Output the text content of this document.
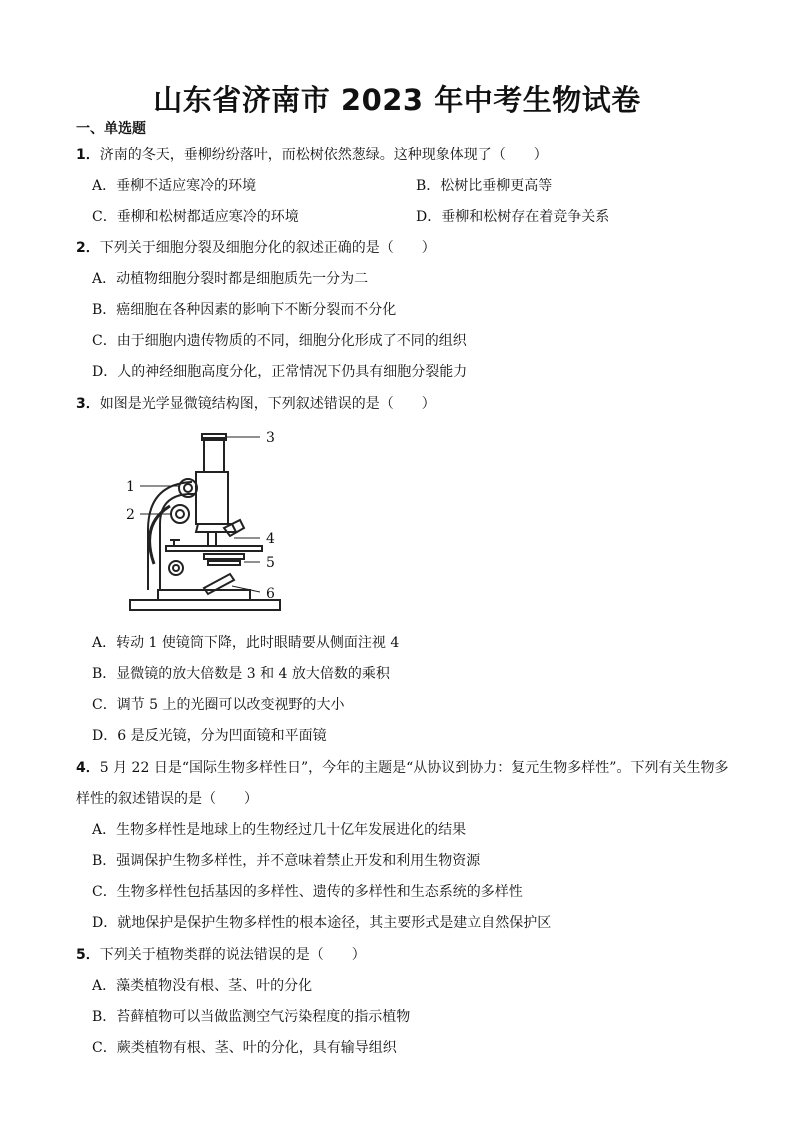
山东省济南市 2023 年中考生物试卷
一、单选题
1．济南的冬天，垂柳纷纷落叶，而松树依然葱绿。这种现象体现了（　　）
A．垂柳不适应寒冷的环境	B．松树比垂柳更高等
C．垂柳和松树都适应寒冷的环境	D．垂柳和松树存在着竞争关系
2．下列关于细胞分裂及细胞分化的叙述正确的是（　　）
A．动植物细胞分裂时都是细胞质先一分为二
B．癌细胞在各种因素的影响下不断分裂而不分化
C．由于细胞内遗传物质的不同，细胞分化形成了不同的组织
D．人的神经细胞高度分化，正常情况下仍具有细胞分裂能力
3．如图是光学显微镜结构图，下列叙述错误的是（　　）
1
2
3
4
5
6
A．转动 1 使镜筒下降，此时眼睛要从侧面注视 4
B．显微镜的放大倍数是 3 和 4 放大倍数的乘积
C．调节 5 上的光圈可以改变视野的大小
D．6 是反光镜，分为凹面镜和平面镜
4．5 月 22 日是“国际生物多样性日”，今年的主题是“从协议到协力：复元生物多样性”。下列有关生物多
样性的叙述错误的是（　　）
A．生物多样性是地球上的生物经过几十亿年发展进化的结果
B．强调保护生物多样性，并不意味着禁止开发和利用生物资源
C．生物多样性包括基因的多样性、遗传的多样性和生态系统的多样性
D．就地保护是保护生物多样性的根本途径，其主要形式是建立自然保护区
5．下列关于植物类群的说法错误的是（　　）
A．藻类植物没有根、茎、叶的分化
B．苔藓植物可以当做监测空气污染程度的指示植物
C．蕨类植物有根、茎、叶的分化，具有输导组织
